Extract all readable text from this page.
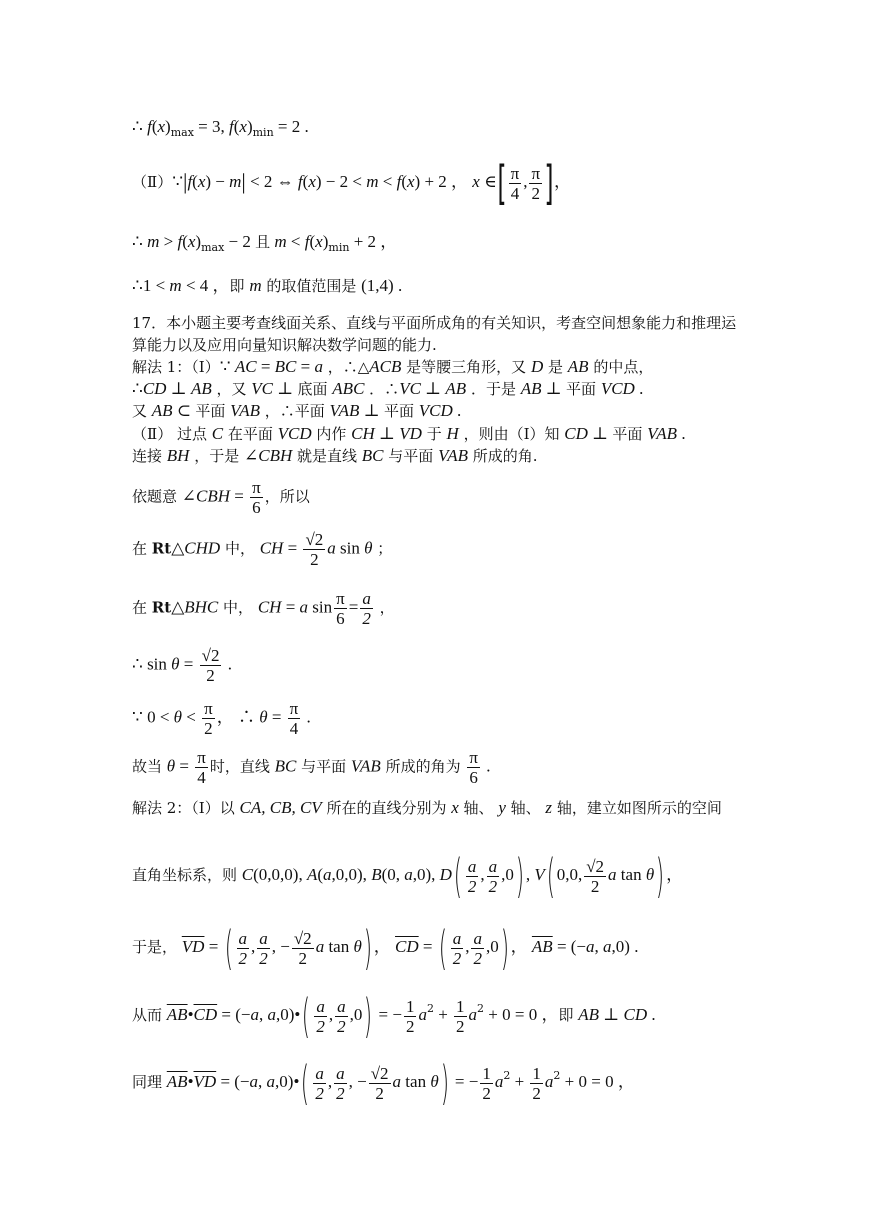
∴ $f(x)_{max} = 3$, $f(x)_{min} = 2$ .
（Ⅱ）∵|f(x) − m| < 2 ⇔ f(x) − 2 < m < f(x) + 2 ， x ∈[ $\frac{\pi}{4}$ , $\frac{\pi}{2}$ ]，
∴ $m > f(x)_{max} - 2$ 且 $m < f(x)_{min} + 2$ ，
∴1 < m < 4 ，即 m 的取值范围是 (1,4) .
17．本小题主要考查线面关系、直线与平面所成角的有关知识，考查空间想象能力和推理运
算能力以及应用向量知识解决数学问题的能力.
解法 1：（Ⅰ）∵ AC = BC = a ，∴△ACB 是等腰三角形，又 D 是 AB 的中点，
∴CD ⊥ AB ，又 VC ⊥ 底面 ABC ．∴VC ⊥ AB ．于是 AB ⊥ 平面 VCD .
又 AB ⊂ 平面 VAB ，∴平面 VAB ⊥ 平面 VCD .
（Ⅱ） 过点 C 在平面 VCD 内作 CH ⊥ VD 于 H ，则由（Ⅰ）知 CD ⊥ 平面 VAB .
连接 BH ，于是 ∠CBH 就是直线 BC 与平面 VAB 所成的角.
依题意 ∠CBH = $\frac{\pi}{6}$ ，所以
在 Rt△CHD 中， CH = $\frac{√2}{2}$ a sin θ ；
在 Rt△BHC 中， CH = a $\sin \frac{\pi}{6} = \frac{a}{2}$ ，
∴ $\sin \theta = \frac{√2}{2}$ .
∵ $0 < \theta < \frac{\pi}{2}$ ， ∴ $\theta = \frac{\pi}{4}$ .
故当 $\theta = \frac{\pi}{4}$ 时，直线 BC 与平面 VAB 所成的角为 $\frac{\pi}{6}$ .
解法 2：（Ⅰ）以 CA, CB, CV 所在的直线分别为 x 轴、 y 轴、 z 轴，建立如图所示的空间
直角坐标系，则 C(0,0,0), A(a,0,0), B(0, a,0), $D( \frac{a}{2}$ , $\frac{a}{2} ,0$) , V( 0,0, $\frac{√2}{2}$ a tan θ) ，
于是， $\overline{VD}$ = ( $\frac{a}{2}$ , $\frac{a}{2}$ , − $\frac{√2}{2}$ a tan θ) ， $\overline{CD}$ = ( $\frac{a}{2}$ , $\frac{a}{2} ,0$) ， $\overline{AB} = (-a$, a,0) .
从而 $\overline{AB}•\overline{CD} = (-a$, a,0)•( $\frac{a}{2}$ , $\frac{a}{2} ,0$) = − $\frac{1}{2} a^2 + \frac{1}{2} a^2 + 0 = 0$ ，即 AB ⊥ CD .
同理 $\overline{AB}•\overline{VD} = (-a$, a,0)•( $\frac{a}{2}$ , $\frac{a}{2}$ , − $\frac{√2}{2}$ a tan θ) = − $\frac{1}{2} a^2 + \frac{1}{2} a^2 + 0 = 0$ ，
